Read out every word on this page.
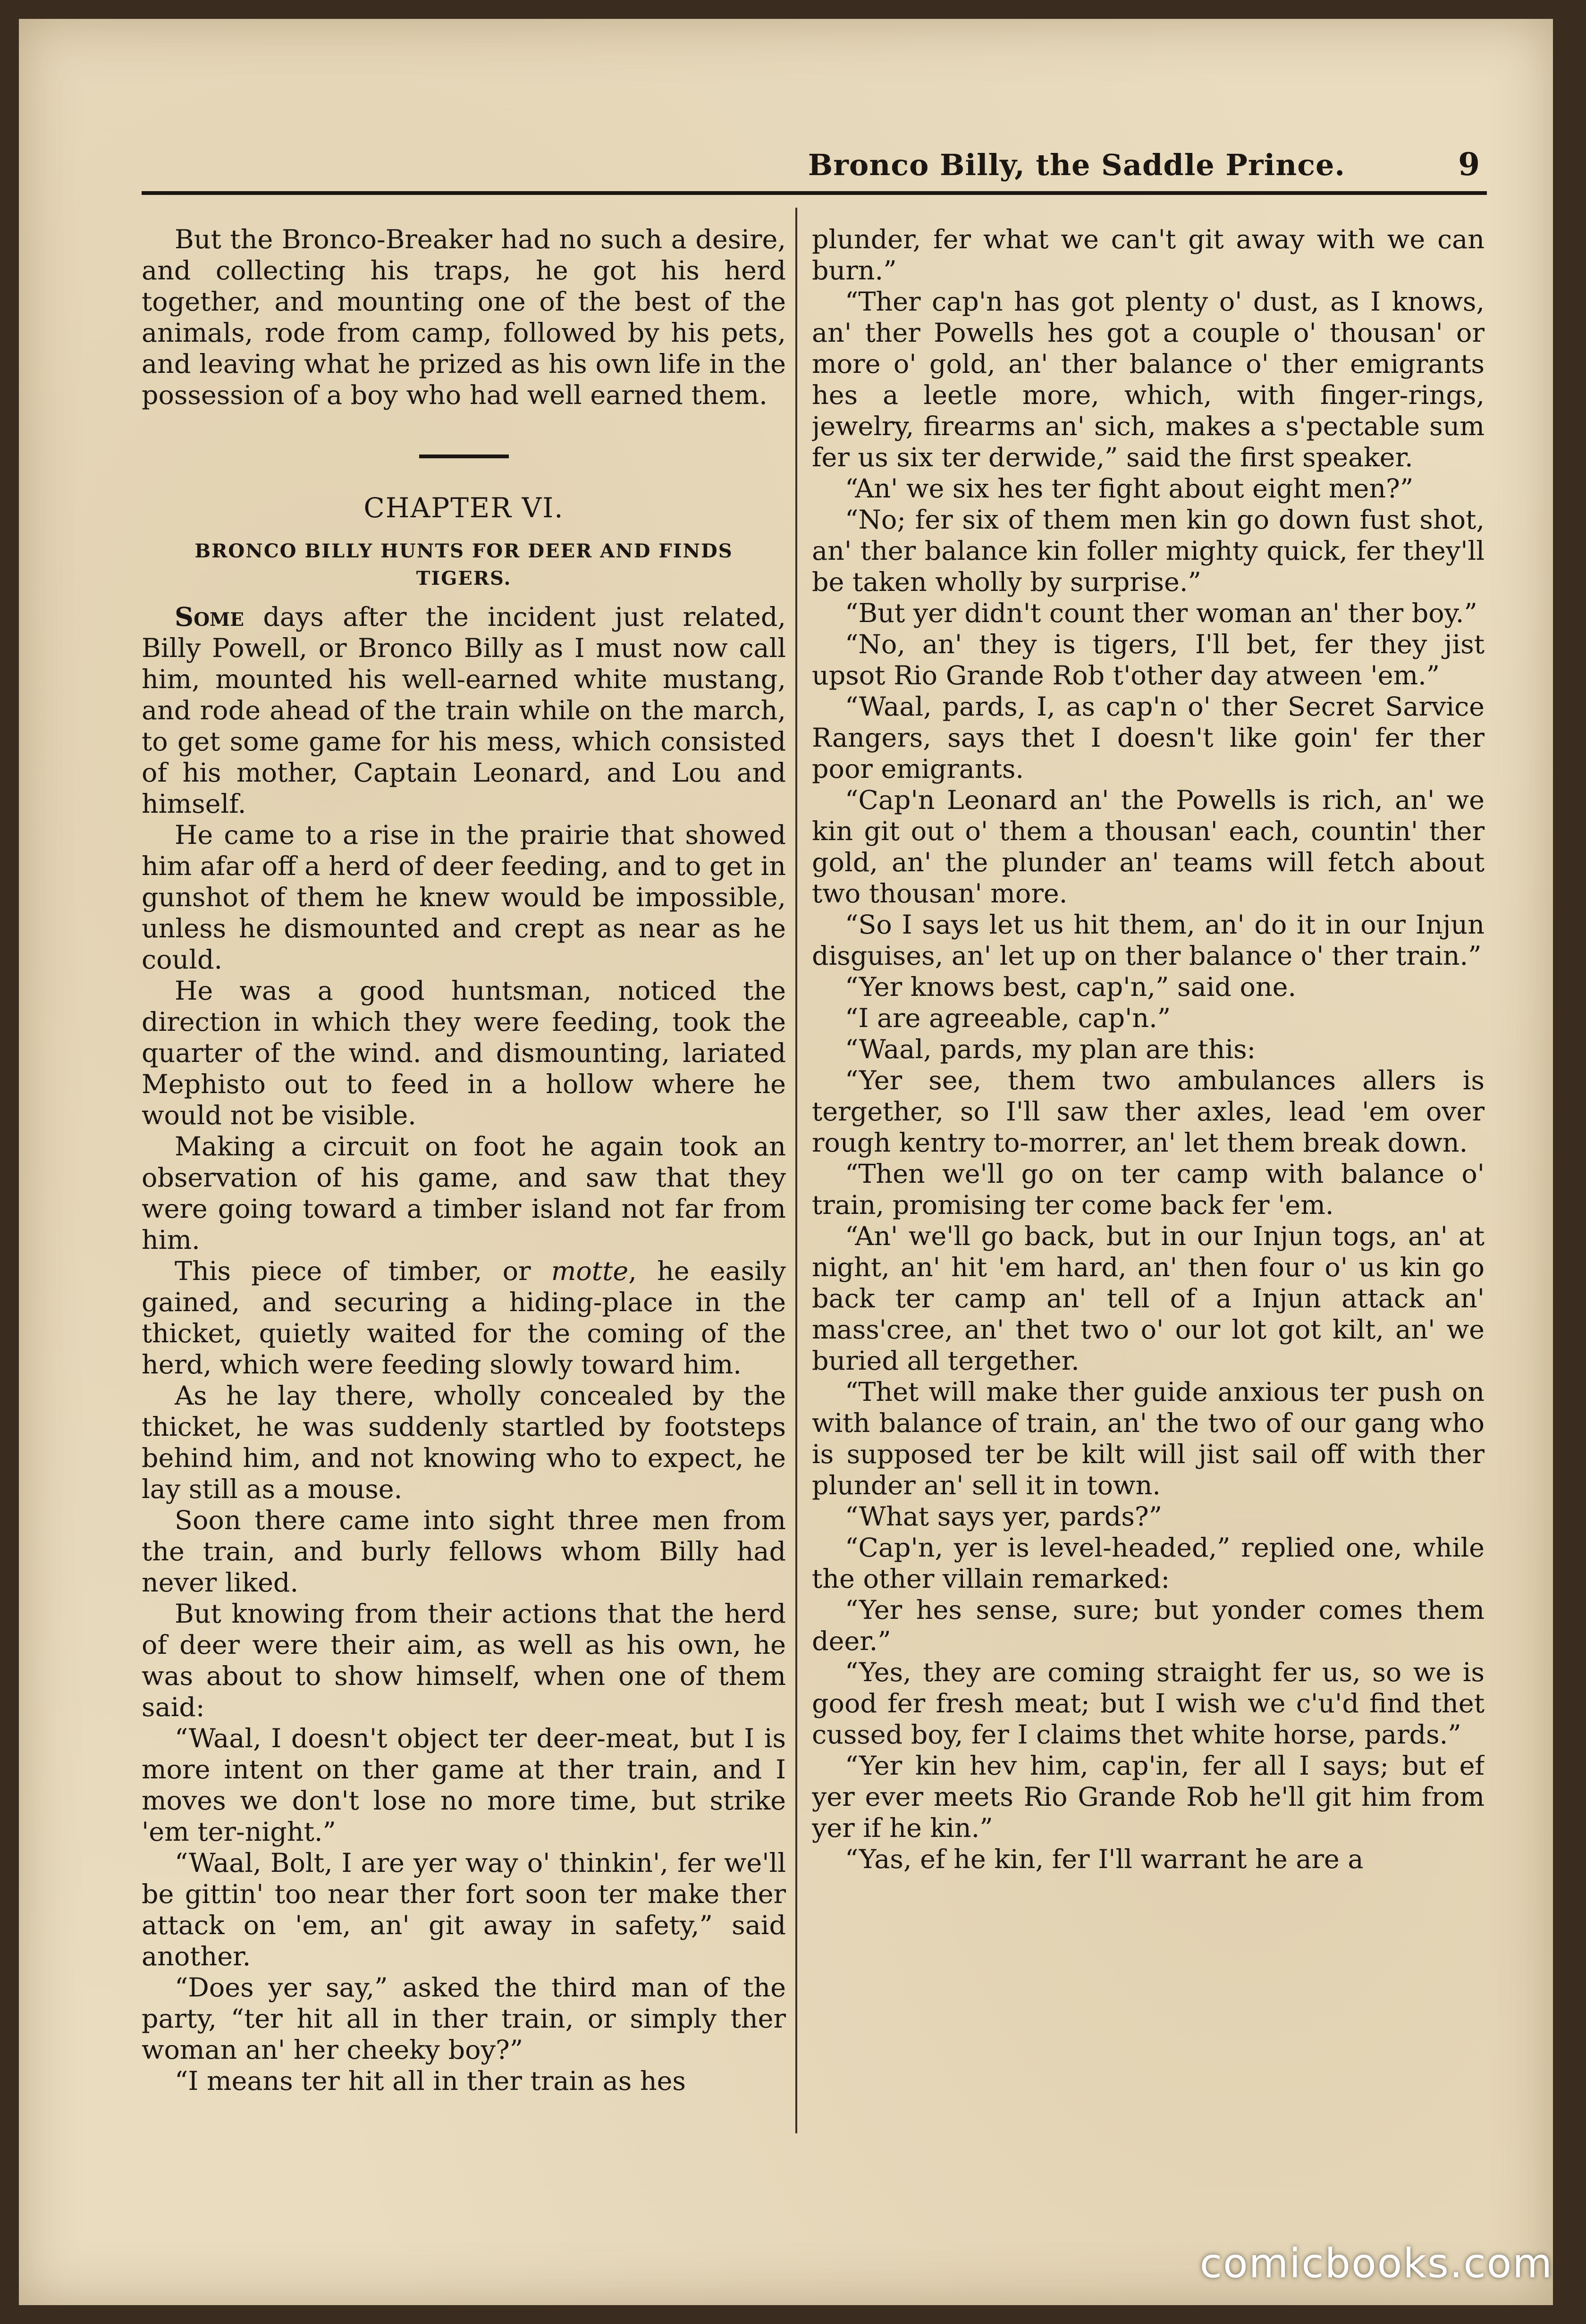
Bronco Billy, the Saddle Prince.	9

But the Bronco-Breaker had no such a desire, and collecting his traps, he got his herd together, and mounting one of the best of the animals, rode from camp, followed by his pets, and leaving what he prized as his own life in the possession of a boy who had well earned them.

CHAPTER VI.
BRONCO BILLY HUNTS FOR DEER AND FINDS TIGERS.

Some days after the incident just related, Billy Powell, or Bronco Billy as I must now call him, mounted his well-earned white mustang, and rode ahead of the train while on the march, to get some game for his mess, which consisted of his mother, Captain Leonard, and Lou and himself.

He came to a rise in the prairie that showed him afar off a herd of deer feeding, and to get in gunshot of them he knew would be impossible, unless he dismounted and crept as near as he could.

He was a good huntsman, noticed the direction in which they were feeding, took the quarter of the wind. and dismounting, lariated Mephisto out to feed in a hollow where he would not be visible.

Making a circuit on foot he again took an observation of his game, and saw that they were going toward a timber island not far from him.

This piece of timber, or motte, he easily gained, and securing a hiding-place in the thicket, quietly waited for the coming of the herd, which were feeding slowly toward him.

As he lay there, wholly concealed by the thicket, he was suddenly startled by footsteps behind him, and not knowing who to expect, he lay still as a mouse.

Soon there came into sight three men from the train, and burly fellows whom Billy had never liked.

But knowing from their actions that the herd of deer were their aim, as well as his own, he was about to show himself, when one of them said:

“Waal, I doesn't object ter deer-meat, but I is more intent on ther game at ther train, and I moves we don't lose no more time, but strike 'em ter-night.”

“Waal, Bolt, I are yer way o' thinkin', fer we'll be gittin' too near ther fort soon ter make ther attack on 'em, an' git away in safety,” said another.

“Does yer say,” asked the third man of the party, “ter hit all in ther train, or simply ther woman an' her cheeky boy?”

“I means ter hit all in ther train as hes

plunder, fer what we can't git away with we can burn.”

“Ther cap'n has got plenty o' dust, as I knows, an' ther Powells hes got a couple o' thousan' or more o' gold, an' ther balance o' ther emigrants hes a leetle more, which, with finger-rings, jewelry, firearms an' sich, makes a s'pectable sum fer us six ter derwide,” said the first speaker.

“An' we six hes ter fight about eight men?”

“No; fer six of them men kin go down fust shot, an' ther balance kin foller mighty quick, fer they'll be taken wholly by surprise.”

“But yer didn't count ther woman an' ther boy.”

“No, an' they is tigers, I'll bet, fer they jist upsot Rio Grande Rob t'other day atween 'em.”

“Waal, pards, I, as cap'n o' ther Secret Sarvice Rangers, says thet I doesn't like goin' fer ther poor emigrants.

“Cap'n Leonard an' the Powells is rich, an' we kin git out o' them a thousan' each, countin' ther gold, an' the plunder an' teams will fetch about two thousan' more.

“So I says let us hit them, an' do it in our Injun disguises, an' let up on ther balance o' ther train.”

“Yer knows best, cap'n,” said one.

“I are agreeable, cap'n.”

“Waal, pards, my plan are this:

“Yer see, them two ambulances allers is tergether, so I'll saw ther axles, lead 'em over rough kentry to-morrer, an' let them break down.

“Then we'll go on ter camp with balance o' train, promising ter come back fer 'em.

“An' we'll go back, but in our Injun togs, an' at night, an' hit 'em hard, an' then four o' us kin go back ter camp an' tell of a Injun attack an' mass'cree, an' thet two o' our lot got kilt, an' we buried all tergether.

“Thet will make ther guide anxious ter push on with balance of train, an' the two of our gang who is supposed ter be kilt will jist sail off with ther plunder an' sell it in town.

“What says yer, pards?”

“Cap'n, yer is level-headed,” replied one, while the other villain remarked:

“Yer hes sense, sure; but yonder comes them deer.”

“Yes, they are coming straight fer us, so we is good fer fresh meat; but I wish we c'u'd find thet cussed boy, fer I claims thet white horse, pards.”

“Yer kin hev him, cap'in, fer all I says; but ef yer ever meets Rio Grande Rob he'll git him from yer if he kin.”

“Yas, ef he kin, fer I'll warrant he are a

comicbooks.com
